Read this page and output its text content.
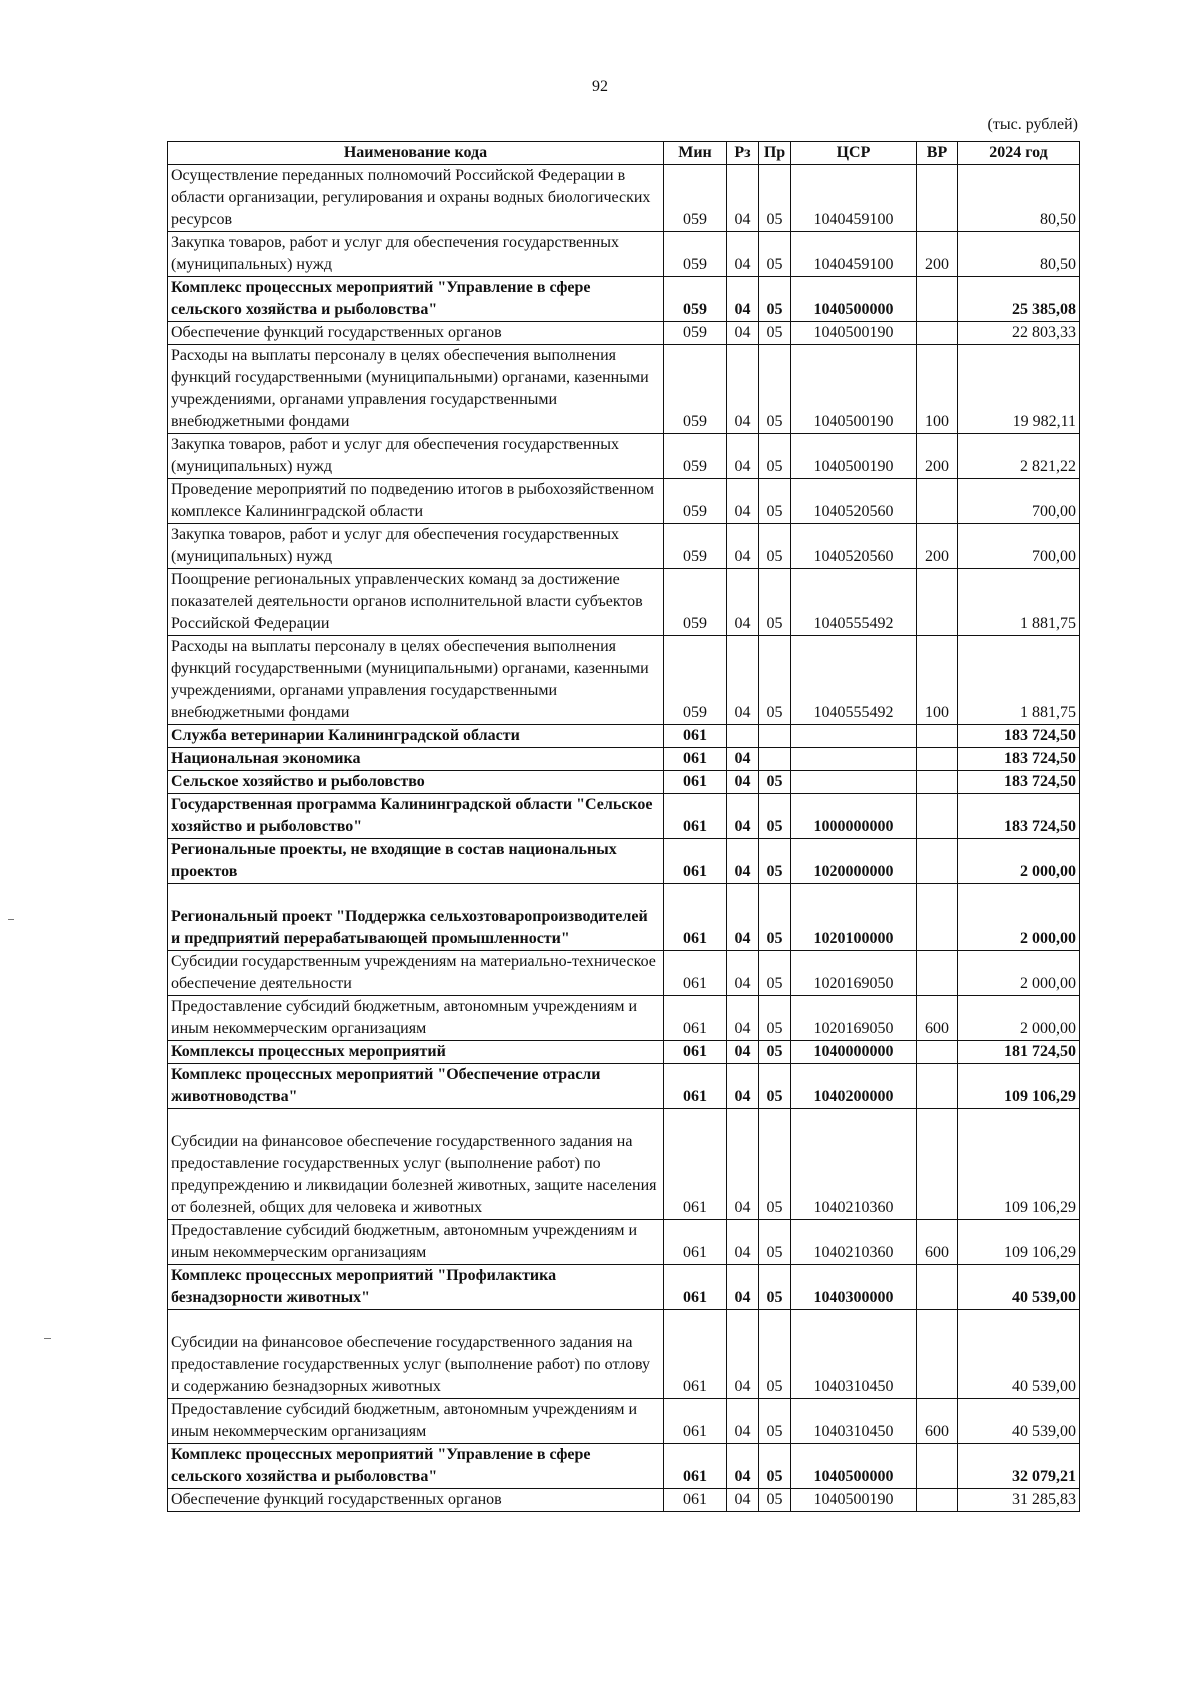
92
(тыс. рублей)
Наименование кода	Мин	Рз	Пр	ЦСР	ВР	2024 год
Осуществление переданных полномочий Российской Федерации в области организации, регулирования и охраны водных биологических ресурсов	059	04	05	1040459100		80,50
Закупка товаров, работ и услуг для обеспечения государственных (муниципальных) нужд	059	04	05	1040459100	200	80,50
Комплекс процессных мероприятий "Управление в сфере сельского хозяйства и рыболовства"	059	04	05	1040500000		25 385,08
Обеспечение функций государственных органов	059	04	05	1040500190		22 803,33
Расходы на выплаты персоналу в целях обеспечения выполнения функций государственными (муниципальными) органами, казенными учреждениями, органами управления государственными внебюджетными фондами	059	04	05	1040500190	100	19 982,11
Закупка товаров, работ и услуг для обеспечения государственных (муниципальных) нужд	059	04	05	1040500190	200	2 821,22
Проведение мероприятий по подведению итогов в рыбохозяйственном комплексе Калининградской области	059	04	05	1040520560		700,00
Закупка товаров, работ и услуг для обеспечения государственных (муниципальных) нужд	059	04	05	1040520560	200	700,00
Поощрение региональных управленческих команд за достижение показателей деятельности органов исполнительной власти субъектов Российской Федерации	059	04	05	1040555492		1 881,75
Расходы на выплаты персоналу в целях обеспечения выполнения функций государственными (муниципальными) органами, казенными учреждениями, органами управления государственными внебюджетными фондами	059	04	05	1040555492	100	1 881,75
Служба ветеринарии Калининградской области	061					183 724,50
Национальная экономика	061	04				183 724,50
Сельское хозяйство и рыболовство	061	04	05			183 724,50
Государственная программа Калининградской области "Сельское хозяйство и рыболовство"	061	04	05	1000000000		183 724,50
Региональные проекты, не входящие в состав национальных проектов	061	04	05	1020000000		2 000,00
Региональный проект "Поддержка сельхозтоваропроизводителей и предприятий перерабатывающей промышленности"	061	04	05	1020100000		2 000,00
Субсидии государственным учреждениям на материально-техническое обеспечение деятельности	061	04	05	1020169050		2 000,00
Предоставление субсидий бюджетным, автономным учреждениям и иным некоммерческим организациям	061	04	05	1020169050	600	2 000,00
Комплексы процессных мероприятий	061	04	05	1040000000		181 724,50
Комплекс процессных мероприятий "Обеспечение отрасли животноводства"	061	04	05	1040200000		109 106,29
Субсидии на финансовое обеспечение государственного задания на предоставление государственных услуг (выполнение работ) по предупреждению и ликвидации болезней животных, защите населения от болезней, общих для человека и животных	061	04	05	1040210360		109 106,29
Предоставление субсидий бюджетным, автономным учреждениям и иным некоммерческим организациям	061	04	05	1040210360	600	109 106,29
Комплекс процессных мероприятий "Профилактика безнадзорности животных"	061	04	05	1040300000		40 539,00
Субсидии на финансовое обеспечение государственного задания на предоставление государственных услуг (выполнение работ) по отлову и содержанию безнадзорных животных	061	04	05	1040310450		40 539,00
Предоставление субсидий бюджетным, автономным учреждениям и иным некоммерческим организациям	061	04	05	1040310450	600	40 539,00
Комплекс процессных мероприятий "Управление в сфере сельского хозяйства и рыболовства"	061	04	05	1040500000		32 079,21
Обеспечение функций государственных органов	061	04	05	1040500190		31 285,83
